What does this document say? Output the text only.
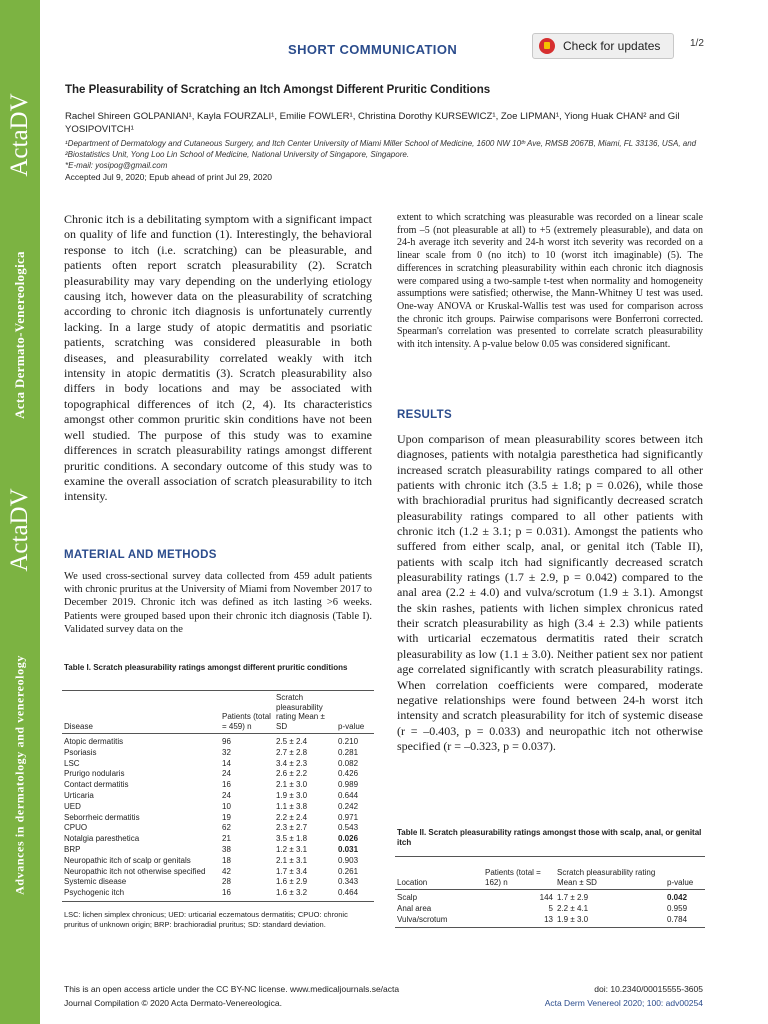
ActaDV
Acta Dermato-Venereologica
ActaDV
Advances in dermatology and venereology
SHORT COMMUNICATION	Check for updates	1/2
The Pleasurability of Scratching an Itch Amongst Different Pruritic Conditions

Rachel Shireen GOLPANIAN¹, Kayla FOURZALI¹, Emilie FOWLER¹, Christina Dorothy KURSEWICZ¹, Zoe LIPMAN¹, Yiong Huak CHAN² and Gil YOSIPOVITCH¹

¹Department of Dermatology and Cutaneous Surgery, and Itch Center University of Miami Miller School of Medicine, 1600 NW 10ᵗʰ Ave, RMSB 2067B, Miami, FL 33136, USA, and ²Biostatistics Unit, Yong Loo Lin School of Medicine, National University of Singapore, Singapore.

*E-mail: yosipog@gmail.com
Accepted Jul 9, 2020; Epub ahead of print Jul 29, 2020

Chronic itch is a debilitating symptom with a significant impact on quality of life and function (1). Interestingly, the behavioral response to itch (i.e. scratching) can be pleasurable, and patients often report scratch pleasurability (2). Scratch pleasurability may vary depending on the underlying etiology causing itch, however data on the pleasurability of scratching according to chronic itch diagnosis is unfortunately currently lacking. In a large study of atopic dermatitis and psoriatic patients, scratching was considered pleasurable in both diseases, and pleasurability correlated weakly with itch intensity in atopic dermatitis (3). Scratch pleasurability also differs in body locations and may be associated with topographical differences of itch (2, 4). Its characteristics amongst other common pruritic skin conditions have not been well studied. The purpose of this study was to examine differences in scratch pleasurability ratings amongst different pruritic conditions. A secondary outcome of this study was to examine the overall association of scratch pleasurability to itch intensity.

MATERIAL AND METHODS

We used cross-sectional survey data collected from 459 adult patients with chronic pruritus at the University of Miami from November 2017 to December 2019. Chronic itch was defined as itch lasting >6 weeks. Patients were grouped based upon their chronic itch diagnosis (Table I). Validated survey data on the

Table I. Scratch pleasurability ratings amongst different pruritic conditions

Disease	Patients (total = 459) n	Scratch pleasurability rating Mean ± SD	p-value
Atopic dermatitis	96	2.5 ± 2.4	0.210
Psoriasis	32	2.7 ± 2.8	0.281
LSC	14	3.4 ± 2.3	0.082
Prurigo nodularis	24	2.6 ± 2.2	0.426
Contact dermatitis	16	2.1 ± 3.0	0.989
Urticaria	24	1.9 ± 3.0	0.644
UED	10	1.1 ± 3.8	0.242
Seborrheic dermatitis	19	2.2 ± 2.4	0.971
CPUO	62	2.3 ± 2.7	0.543
Notalgia paresthetica	21	3.5 ± 1.8	0.026
BRP	38	1.2 ± 3.1	0.031
Neuropathic itch of scalp or genitals	18	2.1 ± 3.1	0.903
Neuropathic itch not otherwise specified	42	1.7 ± 3.4	0.261
Systemic disease	28	1.6 ± 2.9	0.343
Psychogenic itch	16	1.6 ± 3.2	0.464

LSC: lichen simplex chronicus; UED: urticarial eczematous dermatitis; CPUO: chronic pruritus of unknown origin; BRP: brachioradial pruritus; SD: standard deviation.

extent to which scratching was pleasurable was recorded on a linear scale from –5 (not pleasurable at all) to +5 (extremely pleasurable), and data on 24-h average itch severity and 24-h worst itch severity was recorded on a linear scale from 0 (no itch) to 10 (worst itch imaginable) (5). The differences in scratching pleasurability within each chronic itch diagnosis were compared using a two-sample t-test when normality and homogeneity assumptions were satisfied; otherwise, the Mann-Whitney U test was used. One-way ANOVA or Kruskal-Wallis test was used for comparison across the chronic itch groups. Pairwise comparisons were Bonferroni corrected. Spearman's correlation was presented to correlate scratch pleasurability with itch intensity. A p-value below 0.05 was considered significant.

RESULTS

Upon comparison of mean pleasurability scores between itch diagnoses, patients with notalgia paresthetica had significantly increased scratch pleasurability ratings compared to all other patients with chronic itch (3.5 ± 1.8; p = 0.026), while those with brachioradial pruritus had significantly decreased scratch pleasurability ratings compared to all other patients with chronic itch (1.2 ± 3.1; p = 0.031). Amongst the patients who suffered from either scalp, anal, or genital itch (Table II), patients with scalp itch had significantly decreased scratch pleasurability ratings (1.7 ± 2.9, p = 0.042) compared to the anal area (2.2 ± 4.0) and vulva/scrotum (1.9 ± 3.1). Amongst the skin rashes, patients with lichen simplex chronicus rated their scratch pleasurability as high (3.4 ± 2.3) while patients with urticarial eczematous dermatitis rated their scratch pleasurability as low (1.1 ± 3.0). Neither patient sex nor patient age correlated significantly with scratch pleasurability ratings. When correlation coefficients were compared, moderate negative relationships were found between 24-h worst itch intensity and scratch pleasurability for itch of systemic disease (r = –0.403, p = 0.033) and neuropathic itch not otherwise specified (r = –0.323, p = 0.037).

Table II. Scratch pleasurability ratings amongst those with scalp, anal, or genital itch

Location	Patients (total = 162) n	Scratch pleasurability rating Mean ± SD	p-value
Scalp	144	1.7 ± 2.9	0.042
Anal area	5	2.2 ± 4.1	0.959
Vulva/scrotum	13	1.9 ± 3.0	0.784
This is an open access article under the CC BY-NC license. www.medicaljournals.se/acta
Journal Compilation © 2020 Acta Dermato-Venereologica.
doi: 10.2340/00015555-3605
Acta Derm Venereol 2020; 100: adv00254
